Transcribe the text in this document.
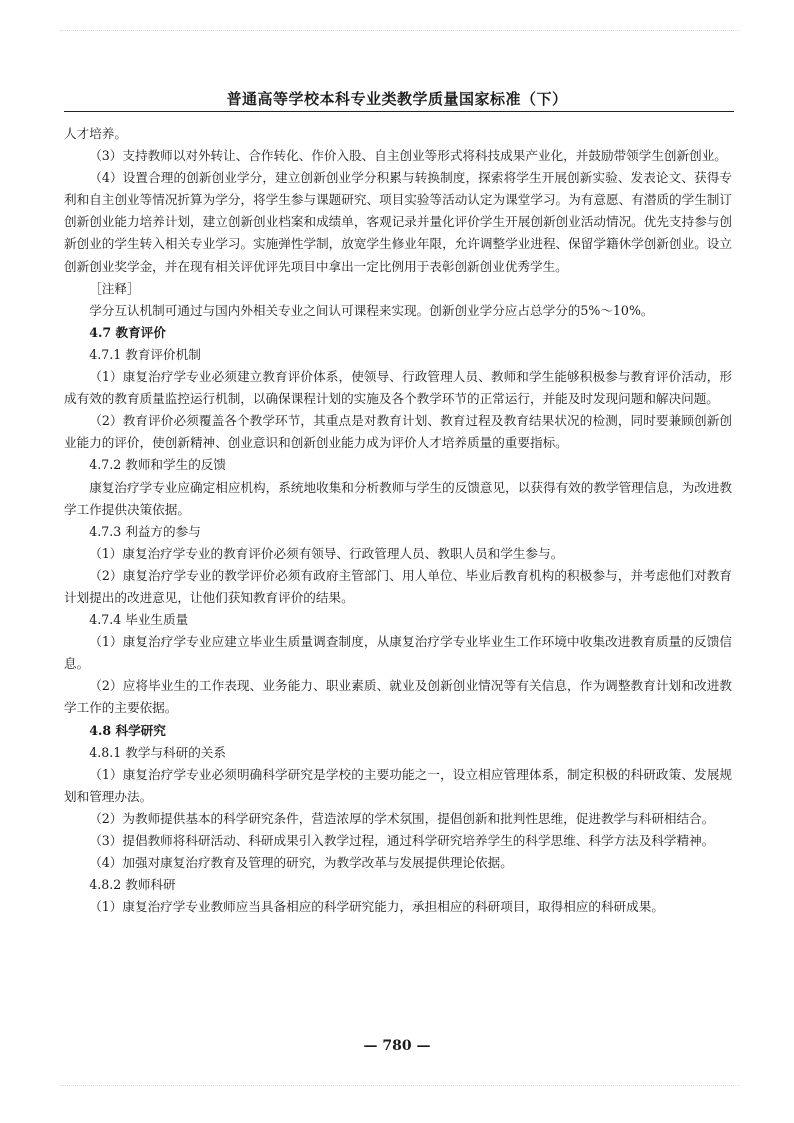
普通高等学校本科专业类教学质量国家标准（下）

人才培养。

（3）支持教师以对外转让、合作转化、作价入股、自主创业等形式将科技成果产业化，并鼓励带领学生创新创业。

（4）设置合理的创新创业学分，建立创新创业学分积累与转换制度，探索将学生开展创新实验、发表论文、获得专利和自主创业等情况折算为学分，将学生参与课题研究、项目实验等活动认定为课堂学习。为有意愿、有潜质的学生制订创新创业能力培养计划，建立创新创业档案和成绩单，客观记录并量化评价学生开展创新创业活动情况。优先支持参与创新创业的学生转入相关专业学习。实施弹性学制，放宽学生修业年限，允许调整学业进程、保留学籍休学创新创业。设立创新创业奖学金，并在现有相关评优评先项目中拿出一定比例用于表彰创新创业优秀学生。

［注释］

学分互认机制可通过与国内外相关专业之间认可课程来实现。创新创业学分应占总学分的5%～10%。

4.7 教育评价

4.7.1 教育评价机制

（1）康复治疗学专业必须建立教育评价体系，使领导、行政管理人员、教师和学生能够积极参与教育评价活动，形成有效的教育质量监控运行机制，以确保课程计划的实施及各个教学环节的正常运行，并能及时发现问题和解决问题。

（2）教育评价必须覆盖各个教学环节，其重点是对教育计划、教育过程及教育结果状况的检测，同时要兼顾创新创业能力的评价，使创新精神、创业意识和创新创业能力成为评价人才培养质量的重要指标。

4.7.2 教师和学生的反馈

康复治疗学专业应确定相应机构，系统地收集和分析教师与学生的反馈意见，以获得有效的教学管理信息，为改进教学工作提供决策依据。

4.7.3 利益方的参与

（1）康复治疗学专业的教育评价必须有领导、行政管理人员、教职人员和学生参与。

（2）康复治疗学专业的教学评价必须有政府主管部门、用人单位、毕业后教育机构的积极参与，并考虑他们对教育计划提出的改进意见，让他们获知教育评价的结果。

4.7.4 毕业生质量

（1）康复治疗学专业应建立毕业生质量调查制度，从康复治疗学专业毕业生工作环境中收集改进教育质量的反馈信息。

（2）应将毕业生的工作表现、业务能力、职业素质、就业及创新创业情况等有关信息，作为调整教育计划和改进教学工作的主要依据。

4.8 科学研究

4.8.1 教学与科研的关系

（1）康复治疗学专业必须明确科学研究是学校的主要功能之一，设立相应管理体系，制定积极的科研政策、发展规划和管理办法。

（2）为教师提供基本的科学研究条件，营造浓厚的学术氛围，提倡创新和批判性思维，促进教学与科研相结合。

（3）提倡教师将科研活动、科研成果引入教学过程，通过科学研究培养学生的科学思维、科学方法及科学精神。

（4）加强对康复治疗教育及管理的研究，为教学改革与发展提供理论依据。

4.8.2 教师科研

（1）康复治疗学专业教师应当具备相应的科学研究能力，承担相应的科研项目，取得相应的科研成果。

— 780 —
